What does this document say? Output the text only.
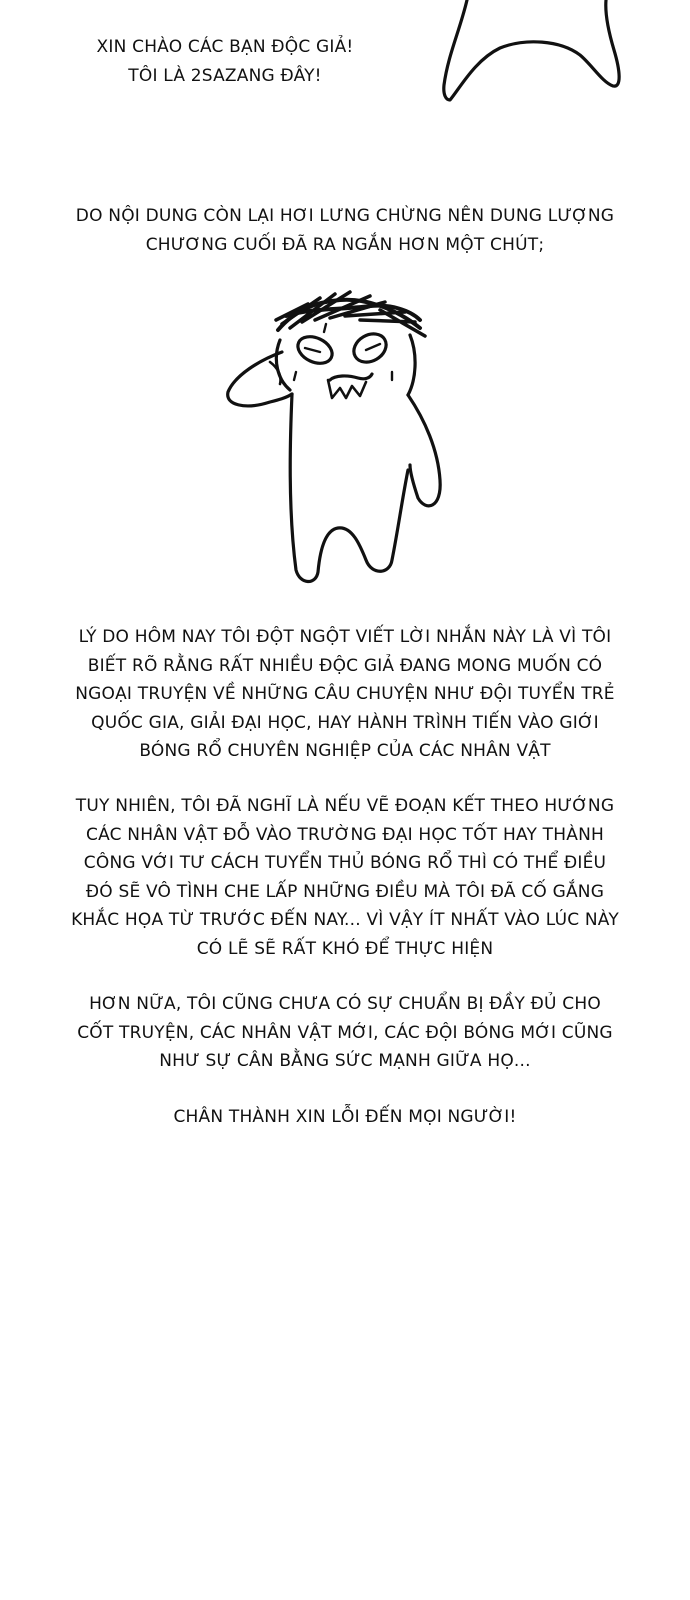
XIN CHÀO CÁC BẠN ĐỘC GIẢ!
TÔI LÀ 2SAZANG ĐÂY!
DO NỘI DUNG CÒN LẠI HƠI LƯNG CHỪNG NÊN DUNG LƯỢNG
CHƯƠNG CUỐI ĐÃ RA NGẮN HƠN MỘT CHÚT;
LÝ DO HÔM NAY TÔI ĐỘT NGỘT VIẾT LỜI NHẮN NÀY LÀ VÌ TÔI
BIẾT RÕ RẰNG RẤT NHIỀU ĐỘC GIẢ ĐANG MONG MUỐN CÓ
NGOẠI TRUYỆN VỀ NHỮNG CÂU CHUYỆN NHƯ ĐỘI TUYỂN TRẺ
QUỐC GIA, GIẢI ĐẠI HỌC, HAY HÀNH TRÌNH TIẾN VÀO GIỚI
BÓNG RỔ CHUYÊN NGHIỆP CỦA CÁC NHÂN VẬT
TUY NHIÊN, TÔI ĐÃ NGHĨ LÀ NẾU VẼ ĐOẠN KẾT THEO HƯỚNG
CÁC NHÂN VẬT ĐỖ VÀO TRƯỜNG ĐẠI HỌC TỐT HAY THÀNH
CÔNG VỚI TƯ CÁCH TUYỂN THỦ BÓNG RỔ THÌ CÓ THỂ ĐIỀU
ĐÓ SẼ VÔ TÌNH CHE LẤP NHỮNG ĐIỀU MÀ TÔI ĐÃ CỐ GẮNG
KHẮC HỌA TỪ TRƯỚC ĐẾN NAY... VÌ VẬY ÍT NHẤT VÀO LÚC NÀY
CÓ LẼ SẼ RẤT KHÓ ĐỂ THỰC HIỆN
HƠN NỮA, TÔI CŨNG CHƯA CÓ SỰ CHUẨN BỊ ĐẦY ĐỦ CHO
CỐT TRUYỆN, CÁC NHÂN VẬT MỚI, CÁC ĐỘI BÓNG MỚI CŨNG
NHƯ SỰ CÂN BẰNG SỨC MẠNH GIỮA HỌ...
CHÂN THÀNH XIN LỖI ĐẾN MỌI NGƯỜI!
